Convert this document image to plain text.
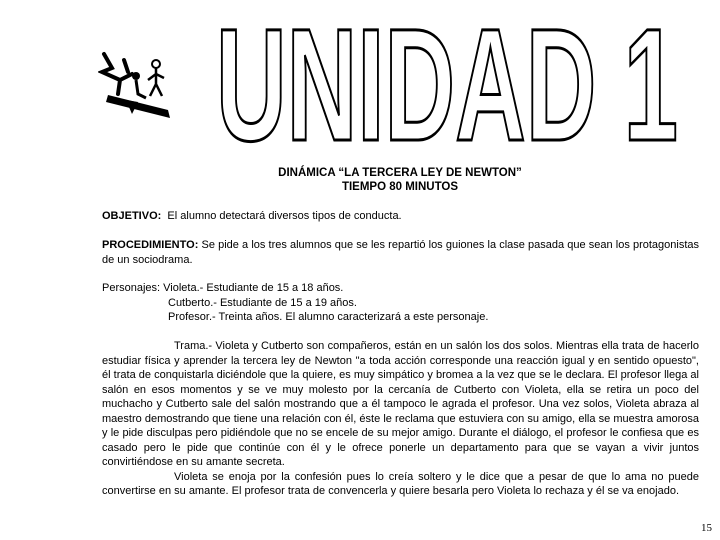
UNIDAD 1
DINÁMICA “LA TERCERA LEY DE NEWTON”
TIEMPO 80 MINUTOS

OBJETIVO: El alumno detectará diversos tipos de conducta.

PROCEDIMIENTO: Se pide a los tres alumnos que se les repartió los guiones la clase pasada que sean los protagonistas de un sociodrama.

Personajes: Violeta.- Estudiante de 15 a 18 años.
Cutberto.- Estudiante de 15 a 19 años.
Profesor.- Treinta años. El alumno caracterizará a este personaje.
Trama.- Violeta y Cutberto son compañeros, están en un salón los dos solos. Mientras ella trata de hacerlo estudiar física y aprender la tercera ley de Newton "a toda acción corresponde una reacción igual y en sentido opuesto", él trata de conquistarla diciéndole que la quiere, es muy simpático y bromea a la vez que se le declara. El profesor llega al salón en esos momentos y se ve muy molesto por la cercanía de Cutberto con Violeta, ella se retira un poco del muchacho y Cutberto sale del salón mostrando que a él tampoco le agrada el profesor. Una vez solos, Violeta abraza al maestro demostrando que tiene una relación con él, éste le reclama que estuviera con su amigo, ella se muestra amorosa y le pide disculpas pero pidiéndole que no se encele de su mejor amigo. Durante el diálogo, el profesor le confiesa que es casado pero le pide que continúe con él y le ofrece ponerle un departamento para que se vayan a vivir juntos convirtiéndose en su amante secreta.
Violeta se enoja por la confesión pues lo creía soltero y le dice que a pesar de que lo ama no puede convertirse en su amante. El profesor trata de convencerla y quiere besarla pero Violeta lo rechaza y él se va enojado.
15
